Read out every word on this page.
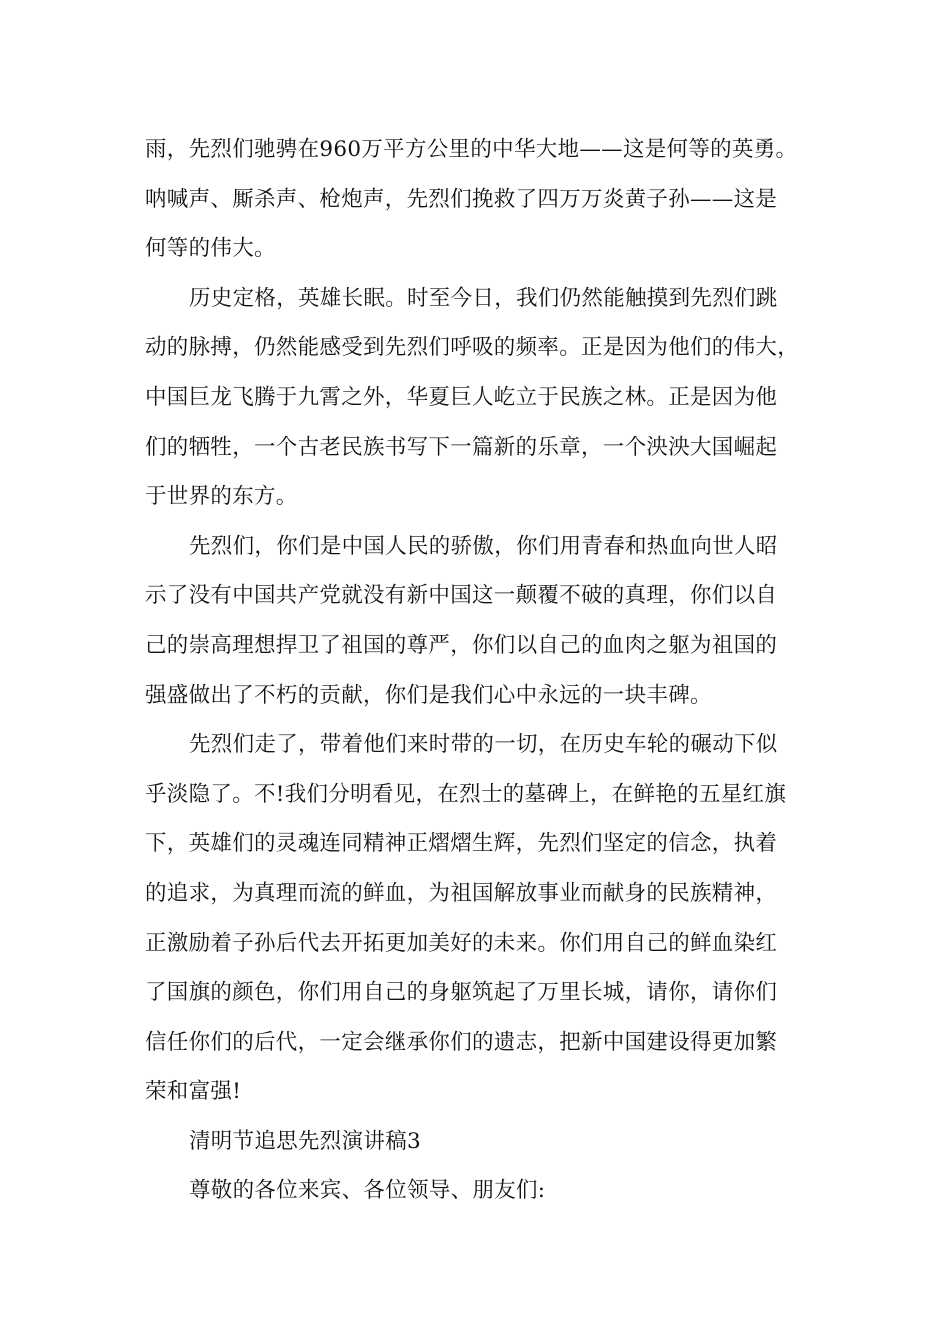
雨，先烈们驰骋在960万平方公里的中华大地——这是何等的英勇。
呐喊声、厮杀声、枪炮声，先烈们挽救了四万万炎黄子孙——这是
何等的伟大。
历史定格，英雄长眠。时至今日，我们仍然能触摸到先烈们跳
动的脉搏，仍然能感受到先烈们呼吸的频率。正是因为他们的伟大，
中国巨龙飞腾于九霄之外，华夏巨人屹立于民族之林。正是因为他
们的牺牲，一个古老民族书写下一篇新的乐章，一个泱泱大国崛起
于世界的东方。
先烈们，你们是中国人民的骄傲，你们用青春和热血向世人昭
示了没有中国共产党就没有新中国这一颠覆不破的真理，你们以自
己的崇高理想捍卫了祖国的尊严，你们以自己的血肉之躯为祖国的
强盛做出了不朽的贡献，你们是我们心中永远的一块丰碑。
先烈们走了，带着他们来时带的一切，在历史车轮的碾动下似
乎淡隐了。不!我们分明看见，在烈士的墓碑上，在鲜艳的五星红旗
下，英雄们的灵魂连同精神正熠熠生辉，先烈们坚定的信念，执着
的追求，为真理而流的鲜血，为祖国解放事业而献身的民族精神，
正激励着子孙后代去开拓更加美好的未来。你们用自己的鲜血染红
了国旗的颜色，你们用自己的身躯筑起了万里长城，请你，请你们
信任你们的后代，一定会继承你们的遗志，把新中国建设得更加繁
荣和富强!
清明节追思先烈演讲稿3
尊敬的各位来宾、各位领导、朋友们:
